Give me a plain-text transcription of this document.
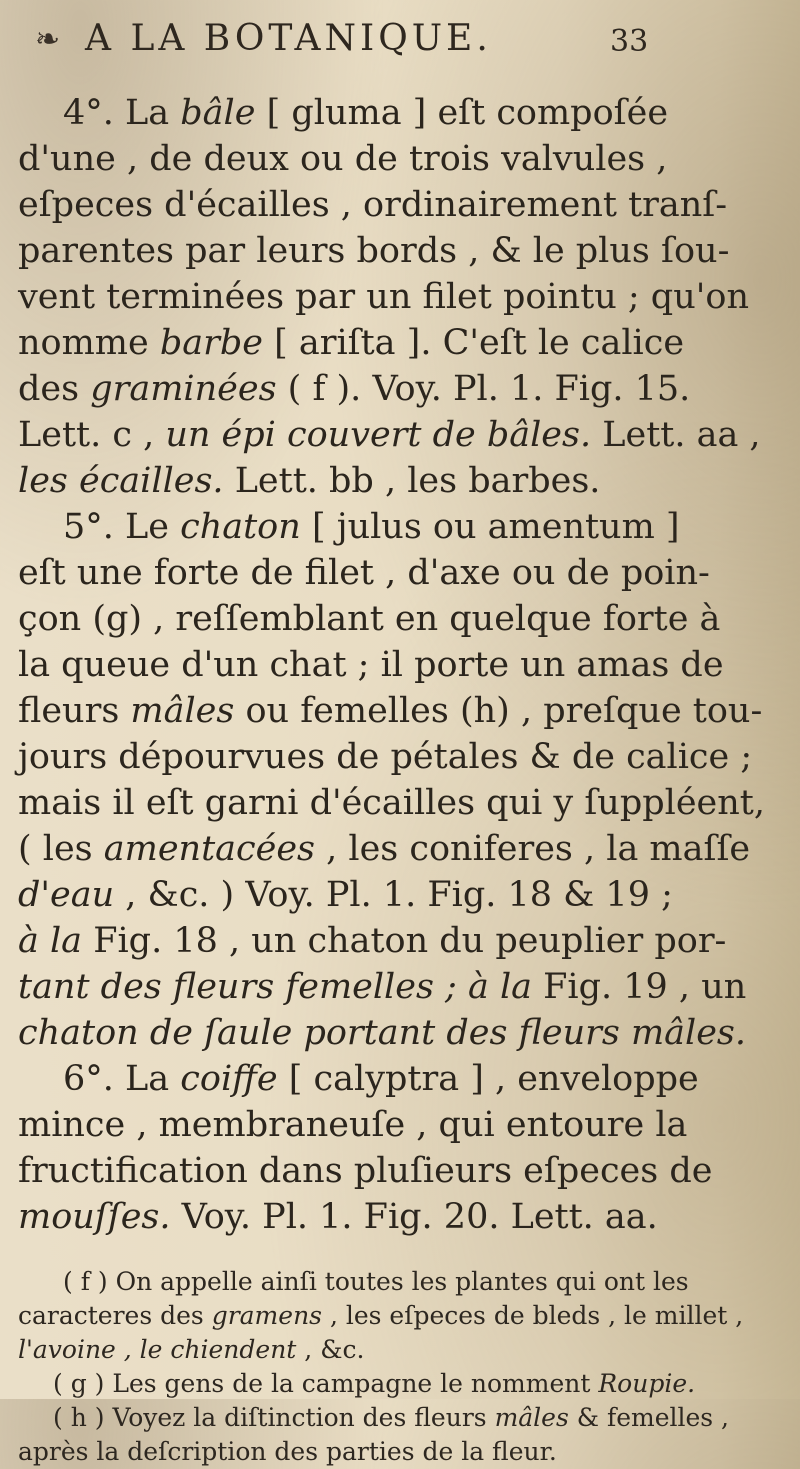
❧ A LA BOTANIQUE.	33
4°. La bâle [ gluma ] eſt compoſée
d'une , de deux ou de trois valvules ,
eſpeces d'écailles , ordinairement tranſ-
parentes par leurs bords , & le plus ſou-
vent terminées par un filet pointu ; qu'on
nomme barbe [ ariſta ]. C'eſt le calice
des graminées ( f ). Voy. Pl. 1. Fig. 15.
Lett. c , un épi couvert de bâles. Lett. aa ,
les écailles. Lett. bb , les barbes.
5°. Le chaton [ julus ou amentum ]
eſt une forte de filet , d'axe ou de poin-
çon (g) , reſſemblant en quelque forte à
la queue d'un chat ; il porte un amas de
fleurs mâles ou femelles (h) , preſque tou-
jours dépourvues de pétales & de calice ;
mais il eſt garni d'écailles qui y ſuppléent,
( les amentacées , les coniferes , la maſſe
d'eau , &c. ) Voy. Pl. 1. Fig. 18 & 19 ;
à la Fig. 18 , un chaton du peuplier por-
tant des fleurs femelles ; à la Fig. 19 , un
chaton de ſaule portant des fleurs mâles.
6°. La coiffe [ calyptra ] , enveloppe
mince , membraneuſe , qui entoure la
fructification dans pluſieurs eſpeces de
mouſſes. Voy. Pl. 1. Fig. 20. Lett. aa.
( f ) On appelle ainſi toutes les plantes qui ont les
caracteres des gramens , les eſpeces de bleds , le millet ,
l'avoine , le chiendent , &c.
( g ) Les gens de la campagne le nomment Roupie.
( h ) Voyez la diſtinction des fleurs mâles & femelles ,
après la deſcription des parties de la fleur.
